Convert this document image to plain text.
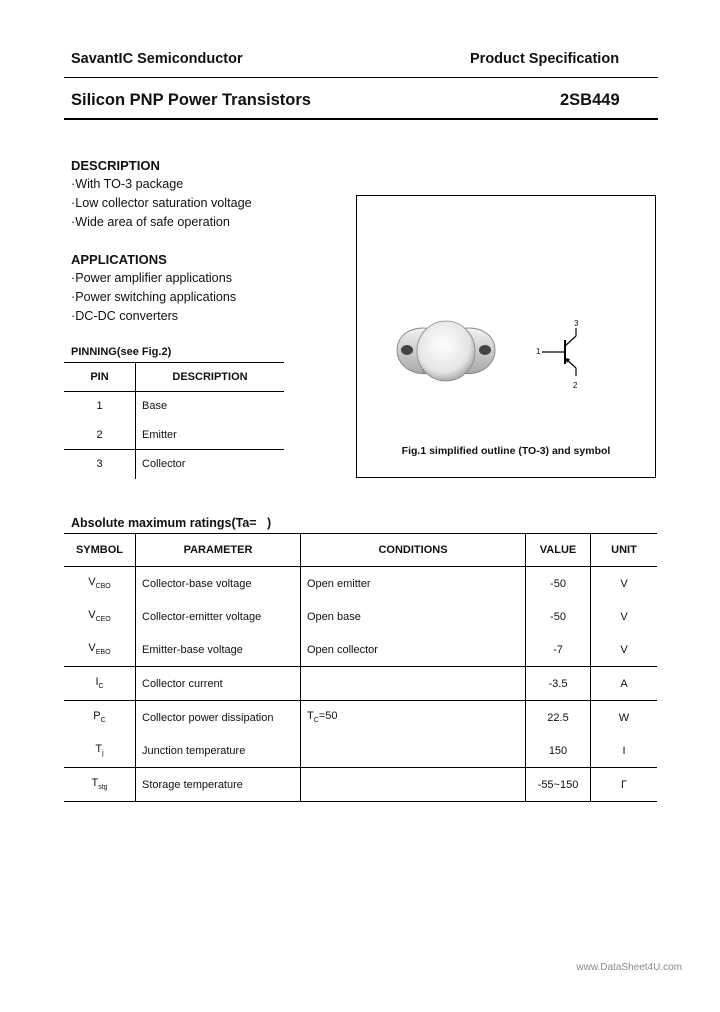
SavantIC Semiconductor	Product Specification
Silicon PNP Power Transistors	2SB449
DESCRIPTION
·With TO-3 package
·Low collector saturation voltage
·Wide area of safe operation
APPLICATIONS
·Power amplifier applications
·Power switching applications
·DC-DC converters
PINNING(see Fig.2)
PIN	DESCRIPTION
1	Base
2	Emitter
3	Collector
1
3
2
Fig.1 simplified outline (TO-3) and symbol
Absolute maximum ratings(Ta=   )
SYMBOL	PARAMETER	CONDITIONS	VALUE	UNIT
$V_{CBO}$	Collector-base voltage	Open emitter	-50	V
$V_{CEO}$	Collector-emitter voltage	Open base	-50	V
$V_{EBO}$	Emitter-base voltage	Open collector	-7	V
$I_C$	Collector current		-3.5	A
$P_C$	Collector power dissipation	$T_C=50$	22.5	W
$T_j$	Junction temperature		150	I
$T_{stg}$	Storage temperature		-55~150	Γ
www.DataSheet4U.com
